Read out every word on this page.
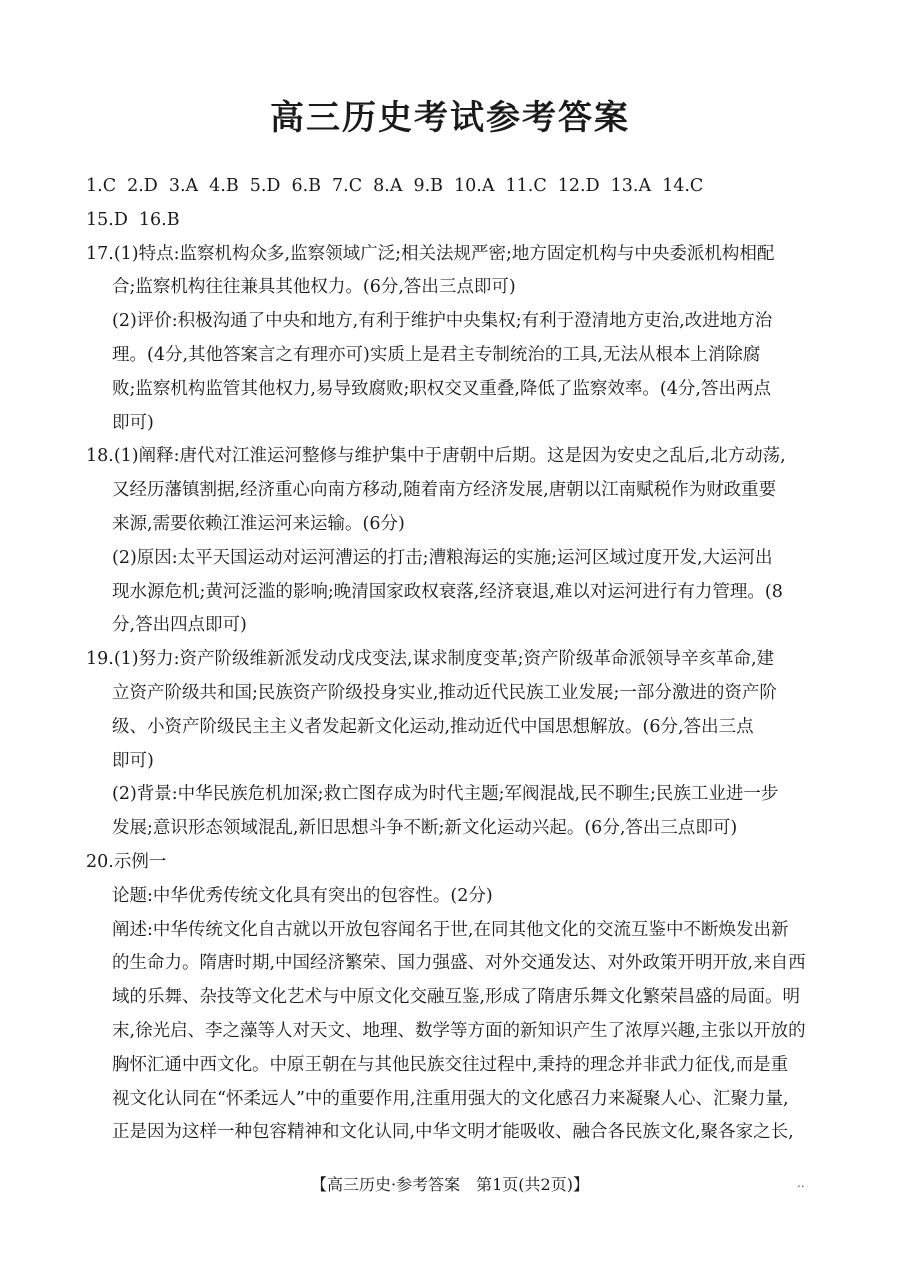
高三历史考试参考答案
1.C 2.D 3.A 4.B 5.D 6.B 7.C 8.A 9.B 10.A 11.C 12.D 13.A 14.C
15.D 16.B
17.(1)特点:监察机构众多,监察领域广泛;相关法规严密;地方固定机构与中央委派机构相配
合;监察机构往往兼具其他权力。(6分,答出三点即可)
(2)评价:积极沟通了中央和地方,有利于维护中央集权;有利于澄清地方吏治,改进地方治
理。(4分,其他答案言之有理亦可)实质上是君主专制统治的工具,无法从根本上消除腐
败;监察机构监管其他权力,易导致腐败;职权交叉重叠,降低了监察效率。(4分,答出两点
即可)
18.(1)阐释:唐代对江淮运河整修与维护集中于唐朝中后期。这是因为安史之乱后,北方动荡,
又经历藩镇割据,经济重心向南方移动,随着南方经济发展,唐朝以江南赋税作为财政重要
来源,需要依赖江淮运河来运输。(6分)
(2)原因:太平天国运动对运河漕运的打击;漕粮海运的实施;运河区域过度开发,大运河出
现水源危机;黄河泛滥的影响;晚清国家政权衰落,经济衰退,难以对运河进行有力管理。(8
分,答出四点即可)
19.(1)努力:资产阶级维新派发动戊戌变法,谋求制度变革;资产阶级革命派领导辛亥革命,建
立资产阶级共和国;民族资产阶级投身实业,推动近代民族工业发展;一部分激进的资产阶
级、小资产阶级民主主义者发起新文化运动,推动近代中国思想解放。(6分,答出三点
即可)
(2)背景:中华民族危机加深;救亡图存成为时代主题;军阀混战,民不聊生;民族工业进一步
发展;意识形态领域混乱,新旧思想斗争不断;新文化运动兴起。(6分,答出三点即可)
20.示例一
论题:中华优秀传统文化具有突出的包容性。(2分)
阐述:中华传统文化自古就以开放包容闻名于世,在同其他文化的交流互鉴中不断焕发出新
的生命力。隋唐时期,中国经济繁荣、国力强盛、对外交通发达、对外政策开明开放,来自西
域的乐舞、杂技等文化艺术与中原文化交融互鉴,形成了隋唐乐舞文化繁荣昌盛的局面。明
末,徐光启、李之藻等人对天文、地理、数学等方面的新知识产生了浓厚兴趣,主张以开放的
胸怀汇通中西文化。中原王朝在与其他民族交往过程中,秉持的理念并非武力征伐,而是重
视文化认同在“怀柔远人”中的重要作用,注重用强大的文化感召力来凝聚人心、汇聚力量,
正是因为这样一种包容精神和文化认同,中华文明才能吸收、融合各民族文化,聚各家之长,
【高三历史·参考答案　第1页(共2页)】	..
